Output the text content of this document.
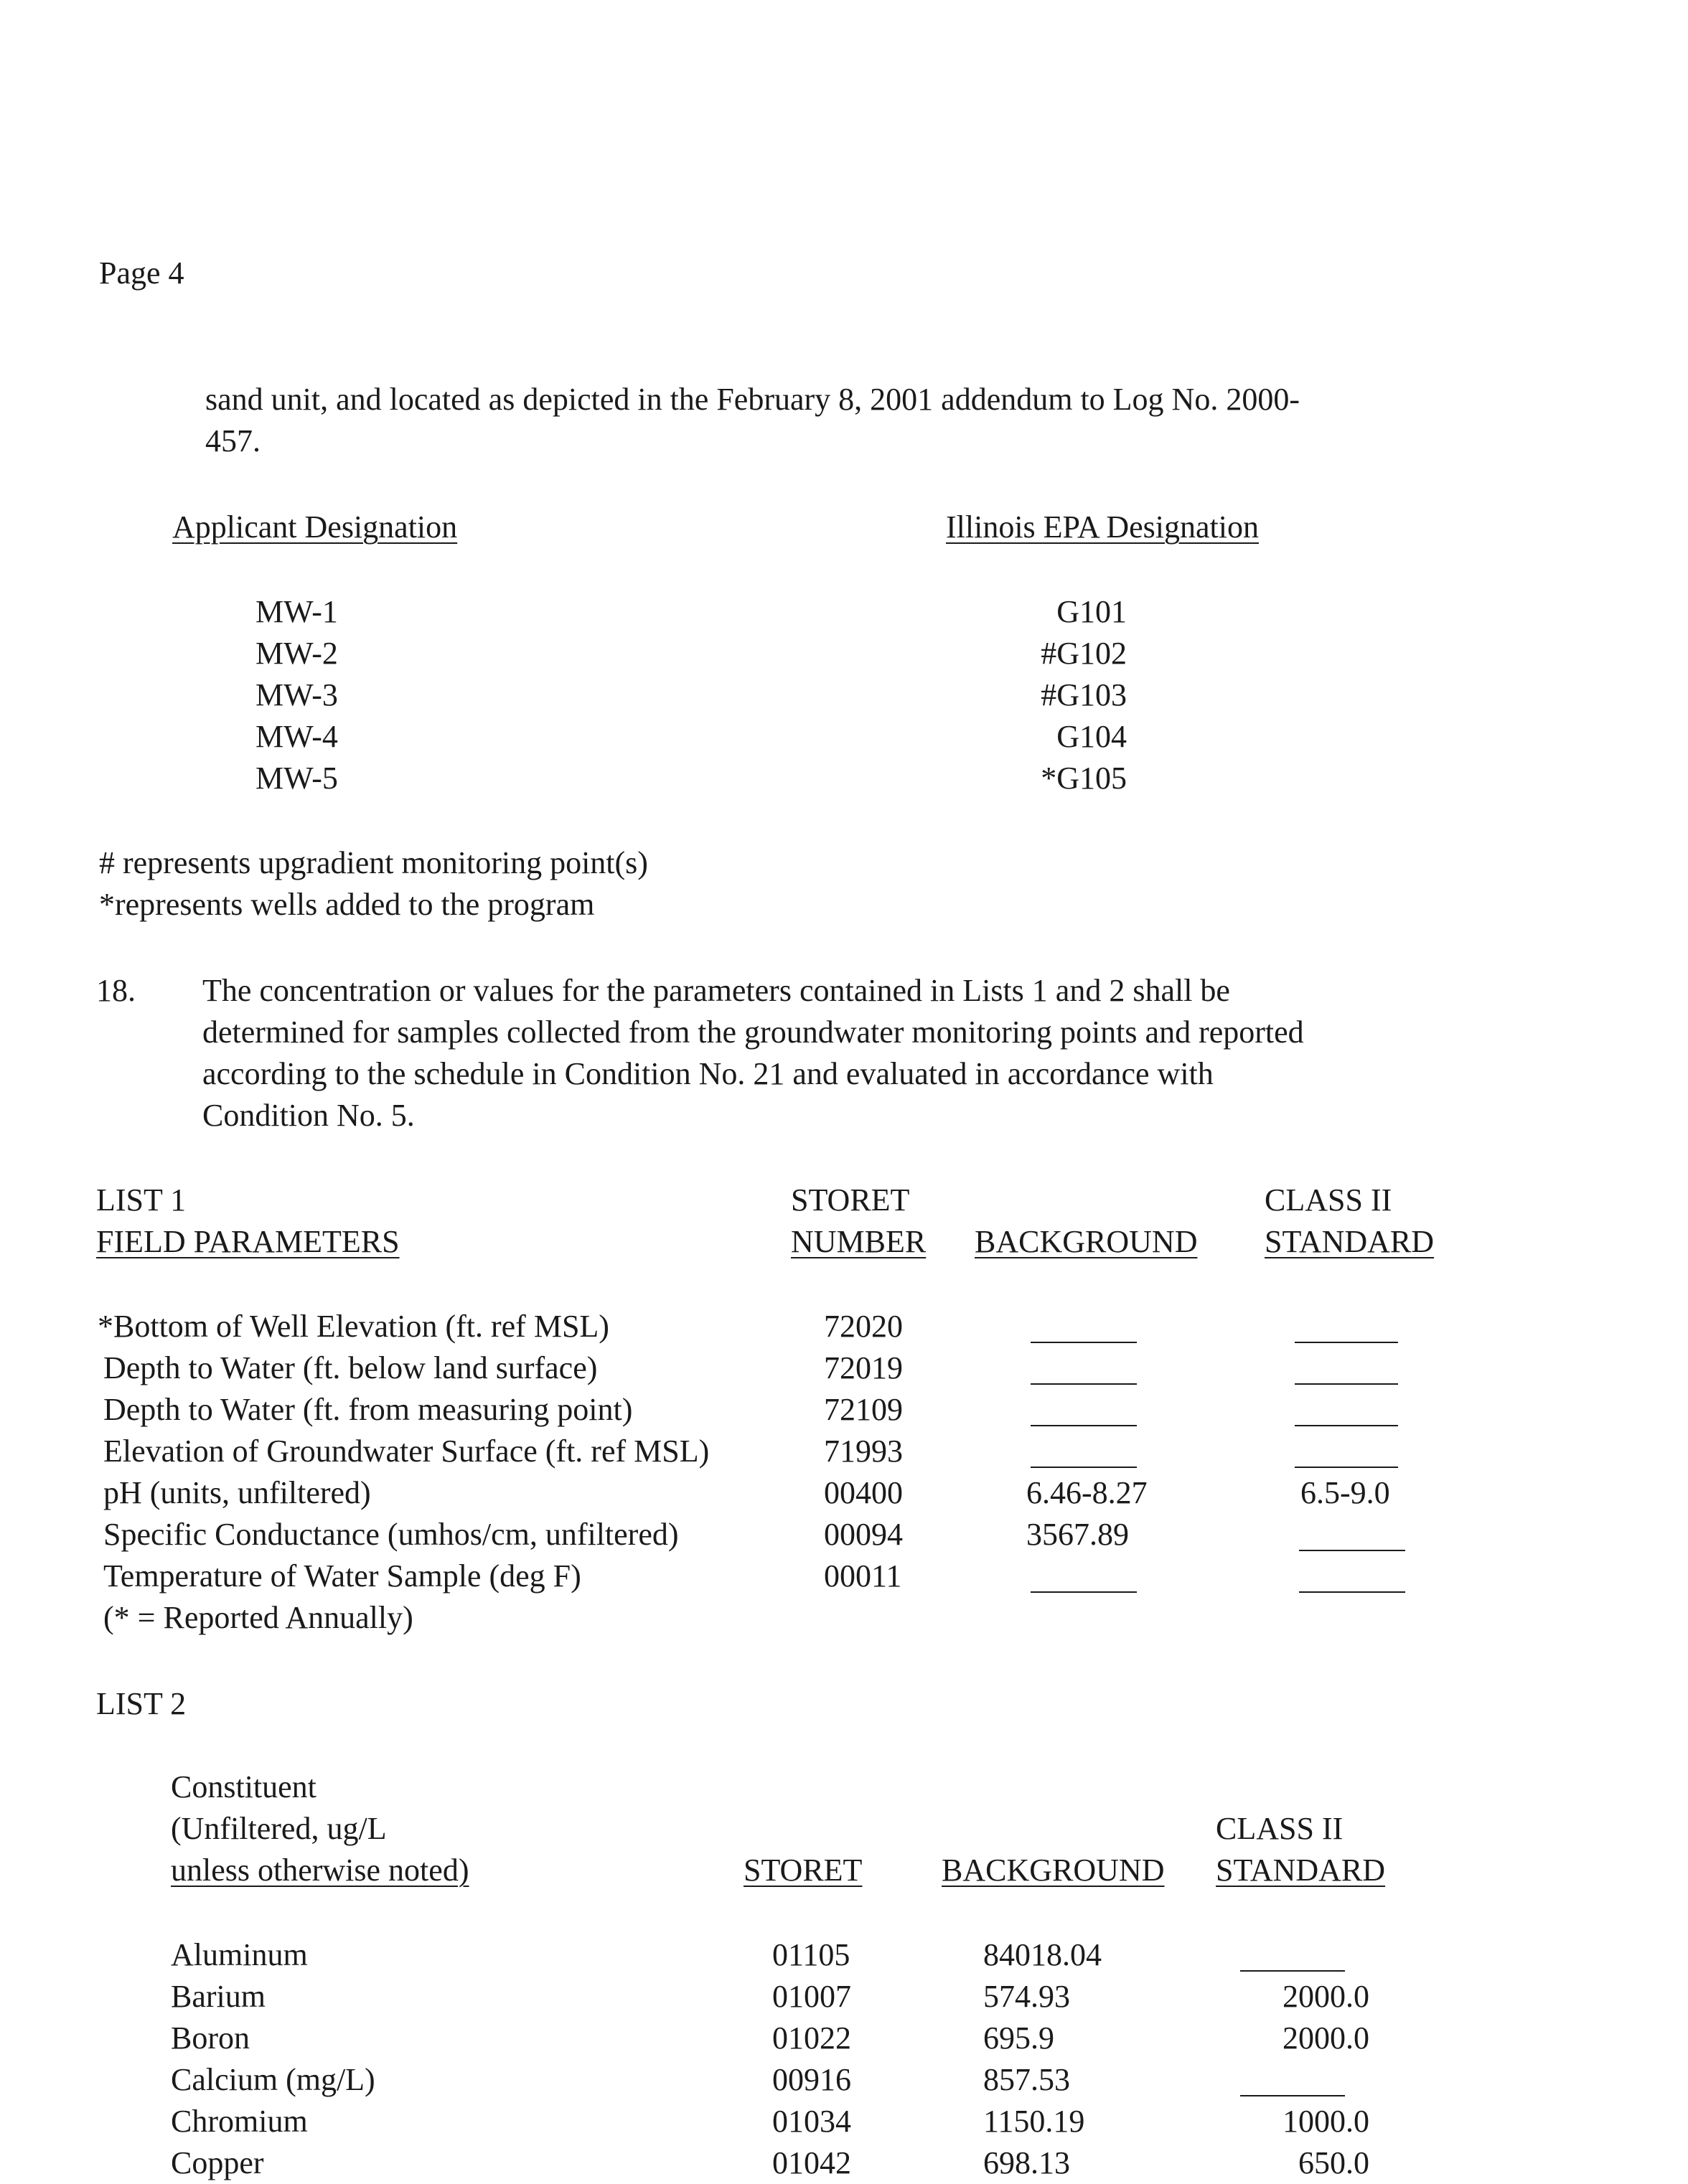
Page 4
sand unit, and located as depicted in the February 8, 2001 addendum to Log No. 2000-
457.
Applicant Designation	Illinois EPA Designation
MW-1	G101
MW-2	#G102
MW-3	#G103
MW-4	G104
MW-5	*G105
# represents upgradient monitoring point(s)
*represents wells added to the program
18. The concentration or values for the parameters contained in Lists 1 and 2 shall be
determined for samples collected from the groundwater monitoring points and reported
according to the schedule in Condition No. 21 and evaluated in accordance with
Condition No. 5.
LIST 1
FIELD PARAMETERS
STORET
NUMBER BACKGROUND
CLASS II
STANDARD
*Bottom of Well Elevation (ft. ref MSL)	72020
Depth to Water (ft. below land surface)	72019
Depth to Water (ft. from measuring point)	72109
Elevation of Groundwater Surface (ft. ref MSL)	71993
pH (units, unfiltered)	00400	6.46-8.27	6.5-9.0
Specific Conductance (umhos/cm, unfiltered)	00094	3567.89
Temperature of Water Sample (deg F)	00011
(* = Reported Annually)
LIST 2
Constituent
(Unfiltered, ug/L
unless otherwise noted)	STORET	BACKGROUND
CLASS II
STANDARD
Aluminum	01105	84018.04
Barium	01007	574.93	2000.0
Boron	01022	695.9	2000.0
Calcium (mg/L)	00916	857.53
Chromium	01034	1150.19	1000.0
Copper	01042	698.13	650.0
